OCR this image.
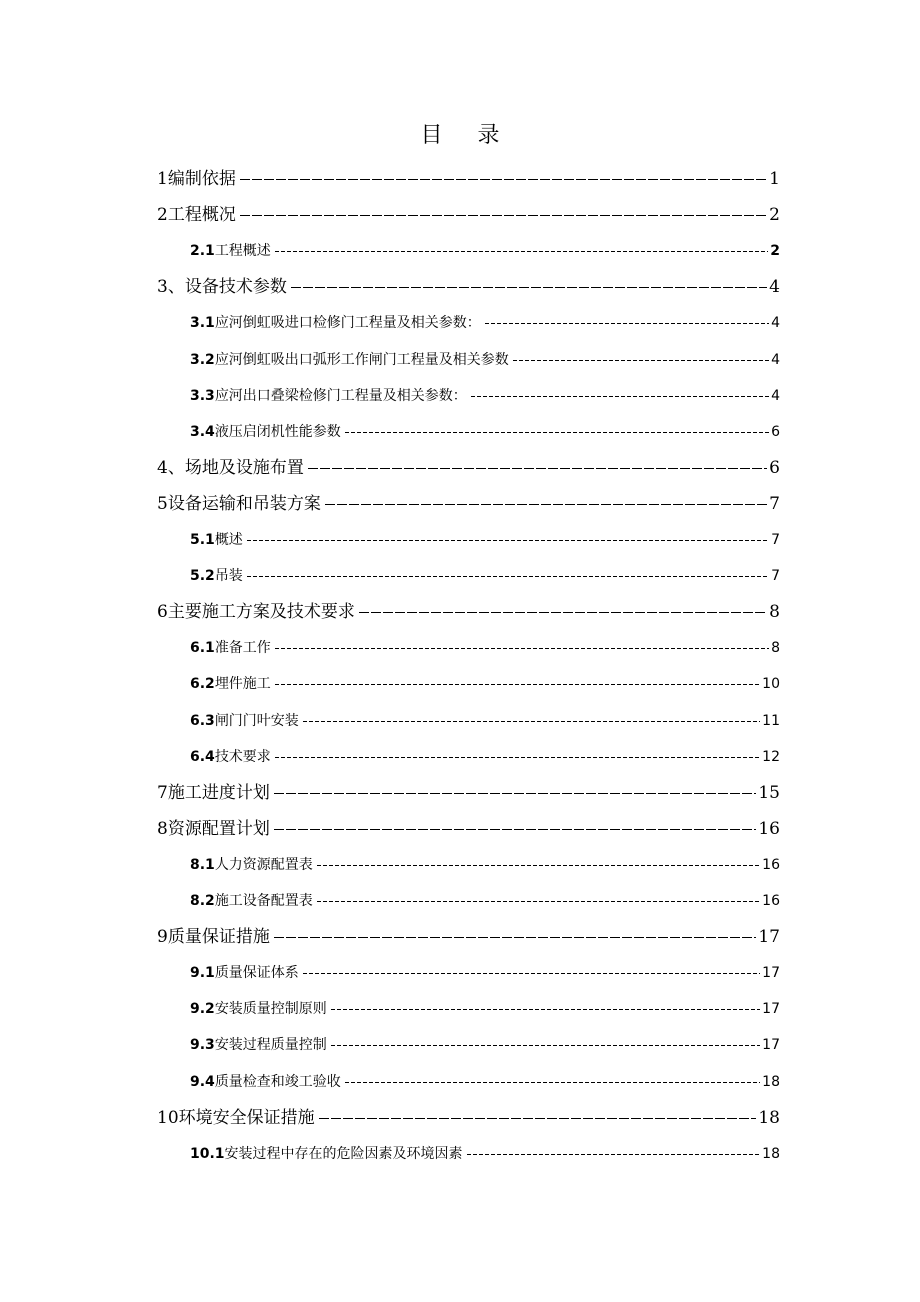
目 录
1 编制依据	1
2 工程概况	2
2.1 工程概述	2
3 、设备技术参数	4
3.1 应河倒虹吸进口检修门工程量及相关参数：	4
3.2 应河倒虹吸出口弧形工作闸门工程量及相关参数	4
3.3 应河出口叠梁检修门工程量及相关参数：	4
3.4 液压启闭机性能参数	6
4 、场地及设施布置	6
5 设备运输和吊装方案	7
5.1 概述	7
5.2 吊装	7
6 主要施工方案及技术要求	8
6.1 准备工作	8
6.2 埋件施工	10
6.3 闸门门叶安装	11
6.4 技术要求	12
7 施工进度计划	15
8 资源配置计划	16
8.1 人力资源配置表	16
8.2 施工设备配置表	16
9 质量保证措施	17
9.1 质量保证体系	17
9.2 安装质量控制原则	17
9.3 安装过程质量控制	17
9.4 质量检查和竣工验收	18
10 环境安全保证措施	18
10.1 安装过程中存在的危险因素及环境因素	18
